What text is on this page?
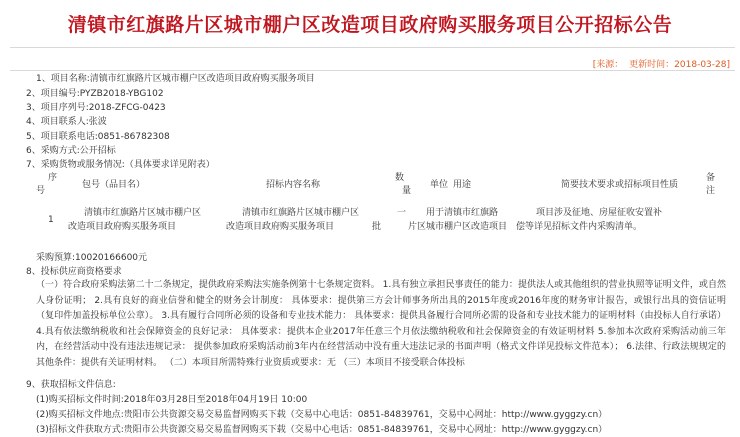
清镇市红旗路片区城市棚户区改造项目政府购买服务项目公开招标公告
[来源： 更新时间：2018-03-28]
1、项目名称:清镇市红旗路片区城市棚户区改造项目政府购买服务项目
2、项目编号:PYZB2018-YBG102
3、项目序列号:2018-ZFCG-0423
4、项目联系人:张波
5、项目联系电话:0851-86782308
6、采购方式:公开招标
7、采购货物或服务情况:（具体要求详见附表）
序
号
包号（品目名）	招标内容名称
数
量
单位 用途	简要技术要求或招标项目性质
备
注
1
清镇市红旗路片区城市棚户区
改造项目政府购买服务项目
清镇市红旗路片区城市棚户区
改造项目政府购买服务项目
一
批
用于清镇市红旗路
片区城市棚户区改造项目
项目涉及征地、房屋征收安置补
偿等详见招标文件内采购清单。
采购预算:10020166600元
8、投标供应商资格要求
（一）符合政府采购法第二十二条规定，提供政府采购法实施条例第十七条规定资料。 1.具有独立承担民事责任的能力：提供法人或其他组织的营业执照等证明文件，或自然人身份证明； 2.具有良好的商业信誉和健全的财务会计制度： 具体要求：提供第三方会计师事务所出具的2015年度或2016年度的财务审计报告，或银行出具的资信证明（复印件加盖投标单位公章）。 3.具有履行合同所必须的设备和专业技术能力： 具体要求：提供具备履行合同所必需的设备和专业技术能力的证明材料（由投标人自行承诺） 4.具有依法缴纳税收和社会保障资金的良好记录： 具体要求：提供本企业2017年任意三个月依法缴纳税收和社会保障资金的有效证明材料 5.参加本次政府采购活动前三年内，在经营活动中没有违法违规记录： 提供参加政府采购活动前3年内在经营活动中没有重大违法记录的书面声明（格式文件详见投标文件范本）； 6.法律、行政法规规定的其他条件：提供有关证明材料。 （二）本项目所需特殊行业资质或要求：无 （三）本项目不接受联合体投标
9、获取招标文件信息:
(1)购买招标文件时间:2018年03月28日至2018年04月19日 10:00
(2)购买招标文件地点:贵阳市公共资源交易交易监督网购买下载（交易中心电话：0851-84839761，交易中心网址：http://www.gyggzy.cn）
(3)招标文件获取方式:贵阳市公共资源交易交易监督网购买下载（交易中心电话：0851-84839761，交易中心网址：http://www.gyggzy.cn）
